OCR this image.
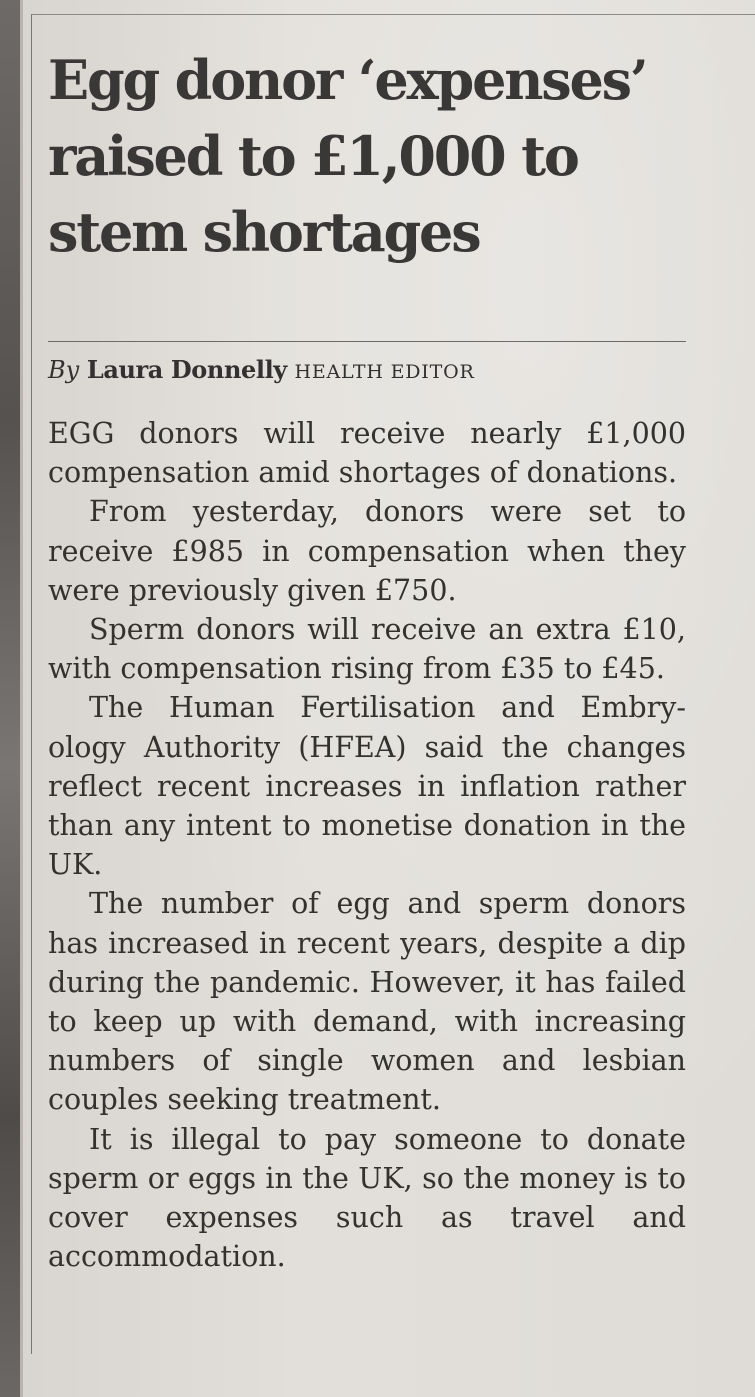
Egg donor ‘expenses’ raised to £1,000 to stem shortages
By Laura Donnelly HEALTH EDITOR

EGG donors will receive nearly £1,000 compensation amid shortages of donations.

From yesterday, donors were set to receive £985 in compensation when they were previously given £750.

Sperm donors will receive an extra £10, with compensation rising from £35 to £45.

The Human Fertilisation and Embryology Authority (HFEA) said the changes reflect recent increases in inflation rather than any intent to monetise donation in the UK.

The number of egg and sperm donors has increased in recent years, despite a dip during the pandemic. However, it has failed to keep up with demand, with increasing numbers of single women and lesbian couples seeking treatment.

It is illegal to pay someone to donate sperm or eggs in the UK, so the money is to cover expenses such as travel and accommodation.
